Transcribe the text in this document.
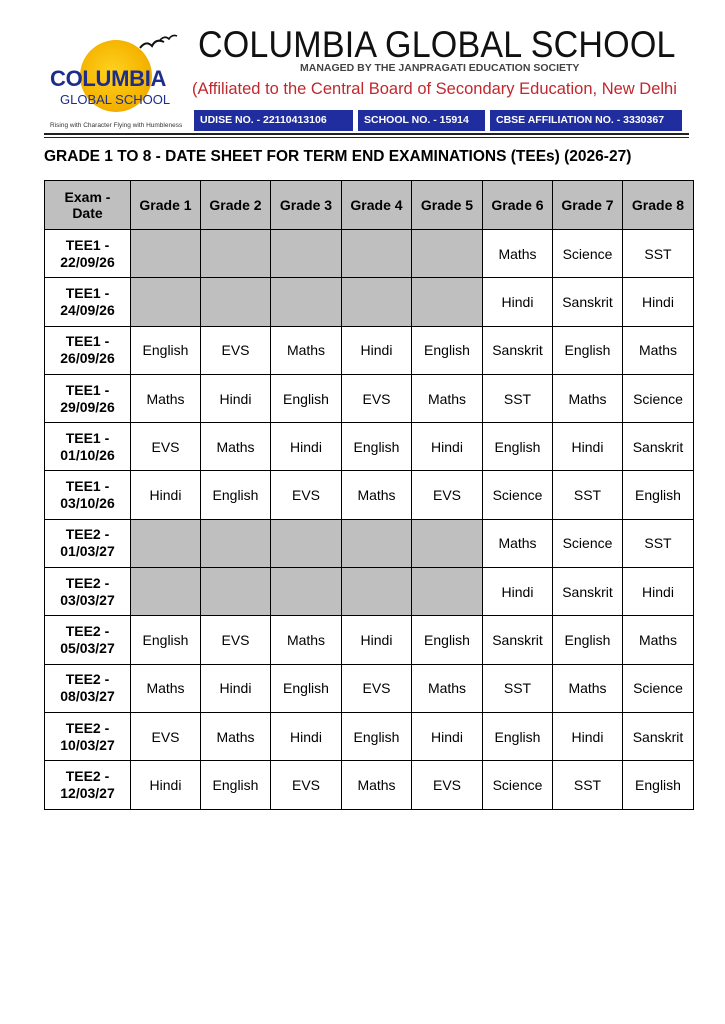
COLUMBIA
GLOBAL SCHOOL
Rising with Character Flying with Humbleness
COLUMBIA GLOBAL SCHOOL
MANAGED BY THE JANPRAGATI EDUCATION SOCIETY
(Affiliated to the Central Board of Secondary Education, New Delhi
UDISE NO. - 22110413106	SCHOOL NO. - 15914	CBSE AFFILIATION NO. - 3330367
GRADE 1 TO 8 - DATE SHEET FOR TERM END EXAMINATIONS (TEEs) (2026-27)
Exam -
Date	Grade 1	Grade 2	Grade 3	Grade 4	Grade 5	Grade 6	Grade 7	Grade 8
TEE1 -
22/09/26						Maths	Science	SST
TEE1 -
24/09/26						Hindi	Sanskrit	Hindi
TEE1 -
26/09/26	English	EVS	Maths	Hindi	English	Sanskrit	English	Maths
TEE1 -
29/09/26	Maths	Hindi	English	EVS	Maths	SST	Maths	Science
TEE1 -
01/10/26	EVS	Maths	Hindi	English	Hindi	English	Hindi	Sanskrit
TEE1 -
03/10/26	Hindi	English	EVS	Maths	EVS	Science	SST	English
TEE2 -
01/03/27						Maths	Science	SST
TEE2 -
03/03/27						Hindi	Sanskrit	Hindi
TEE2 -
05/03/27	English	EVS	Maths	Hindi	English	Sanskrit	English	Maths
TEE2 -
08/03/27	Maths	Hindi	English	EVS	Maths	SST	Maths	Science
TEE2 -
10/03/27	EVS	Maths	Hindi	English	Hindi	English	Hindi	Sanskrit
TEE2 -
12/03/27	Hindi	English	EVS	Maths	EVS	Science	SST	English
